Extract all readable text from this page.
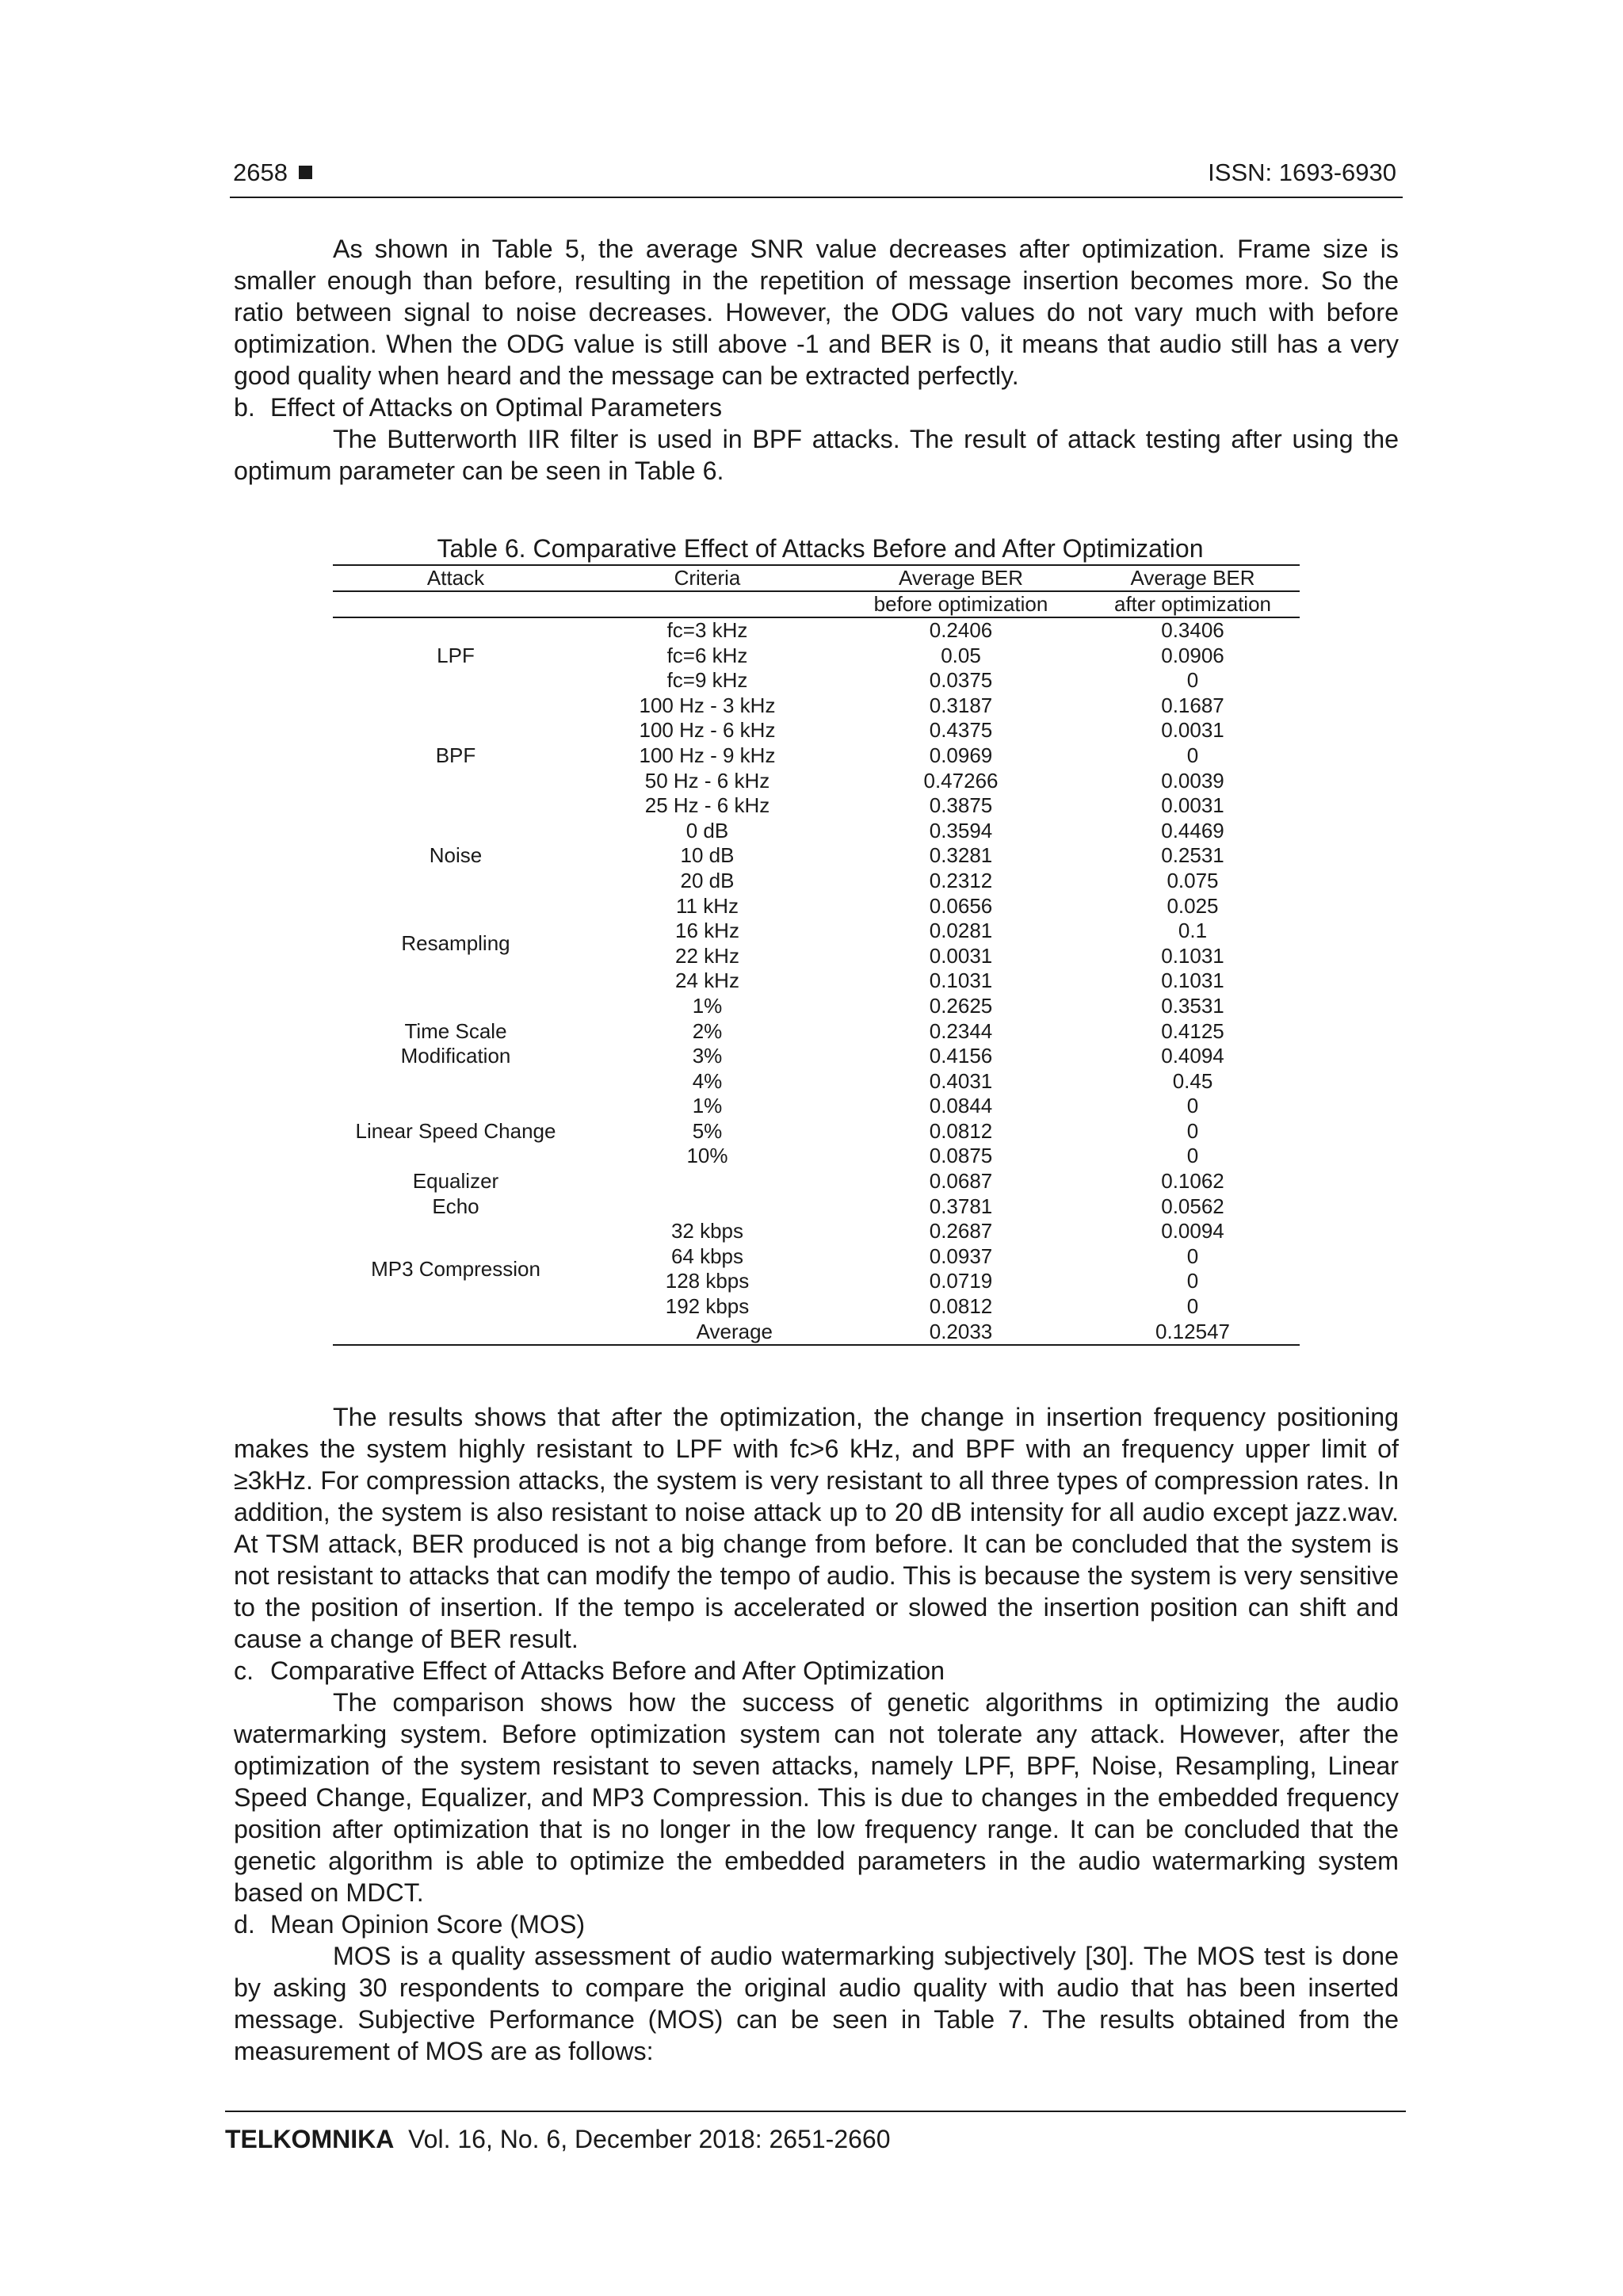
2658	ISSN: 1693-6930

As shown in Table 5, the average SNR value decreases after optimization. Frame size is smaller enough than before, resulting in the repetition of message insertion becomes more. So the ratio between signal to noise decreases. However, the ODG values do not vary much with before optimization. When the ODG value is still above -1 and BER is 0, it means that audio still has a very good quality when heard and the message can be extracted perfectly.

b. Effect of Attacks on Optimal Parameters

The Butterworth IIR filter is used in BPF attacks. The result of attack testing after using the optimum parameter can be seen in Table 6.

Table 6. Comparative Effect of Attacks Before and After Optimization
Attack	Criteria	Average BER	Average BER
		before optimization	after optimization
LPF	fc=3 kHz	0.2406	0.3406
	fc=6 kHz	0.05	0.0906
	fc=9 kHz	0.0375	0
BPF	100 Hz - 3 kHz	0.3187	0.1687
	100 Hz - 6 kHz	0.4375	0.0031
	100 Hz - 9 kHz	0.0969	0
	50 Hz - 6 kHz	0.47266	0.0039
	25 Hz - 6 kHz	0.3875	0.0031
Noise	0 dB	0.3594	0.4469
	10 dB	0.3281	0.2531
	20 dB	0.2312	0.075
Resampling	11 kHz	0.0656	0.025
	16 kHz	0.0281	0.1
	22 kHz	0.0031	0.1031
	24 kHz	0.1031	0.1031
Time Scale
Modification	1%	0.2625	0.3531
	2%	0.2344	0.4125
	3%	0.4156	0.4094
	4%	0.4031	0.45
Linear Speed Change	1%	0.0844	0
	5%	0.0812	0
	10%	0.0875	0
Equalizer		0.0687	0.1062
Echo		0.3781	0.0562
MP3 Compression	32 kbps	0.2687	0.0094
	64 kbps	0.0937	0
	128 kbps	0.0719	0
	192 kbps	0.0812	0
Average		0.2033	0.12547

The results shows that after the optimization, the change in insertion frequency positioning makes the system highly resistant to LPF with fc>6 kHz, and BPF with an frequency upper limit of ≥3kHz. For compression attacks, the system is very resistant to all three types of compression rates. In addition, the system is also resistant to noise attack up to 20 dB intensity for all audio except jazz.wav. At TSM attack, BER produced is not a big change from before. It can be concluded that the system is not resistant to attacks that can modify the tempo of audio. This is because the system is very sensitive to the position of insertion. If the tempo is accelerated or slowed the insertion position can shift and cause a change of BER result.

c. Comparative Effect of Attacks Before and After Optimization

The comparison shows how the success of genetic algorithms in optimizing the audio watermarking system. Before optimization system can not tolerate any attack. However, after the optimization of the system resistant to seven attacks, namely LPF, BPF, Noise, Resampling, Linear Speed Change, Equalizer, and MP3 Compression. This is due to changes in the embedded frequency position after optimization that is no longer in the low frequency range. It can be concluded that the genetic algorithm is able to optimize the embedded parameters in the audio watermarking system based on MDCT.

d. Mean Opinion Score (MOS)

MOS is a quality assessment of audio watermarking subjectively [30]. The MOS test is done by asking 30 respondents to compare the original audio quality with audio that has been inserted message. Subjective Performance (MOS) can be seen in Table 7. The results obtained from the measurement of MOS are as follows:

TELKOMNIKA Vol. 16, No. 6, December 2018: 2651-2660
